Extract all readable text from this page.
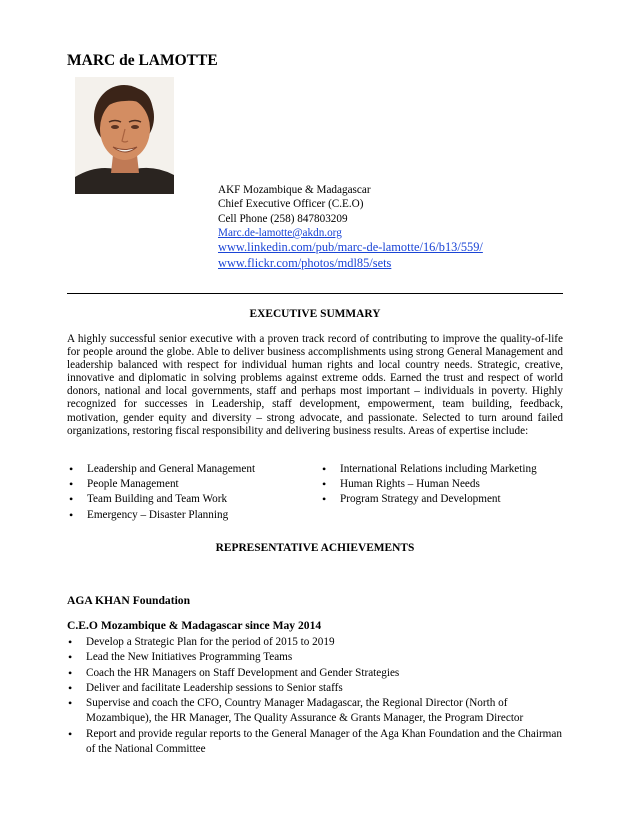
MARC de LAMOTTE
AKF Mozambique & Madagascar
Chief Executive Officer (C.E.O)
Cell Phone (258) 847803209
Marc.de-lamotte@akdn.org
www.linkedin.com/pub/marc-de-lamotte/16/b13/559/
www.flickr.com/photos/mdl85/sets
EXECUTIVE SUMMARY

A highly successful senior executive with a proven track record of contributing to improve the quality-of-life for people around the globe. Able to deliver business accomplishments using strong General Management and leadership balanced with respect for individual human rights and local country needs. Strategic, creative, innovative and diplomatic in solving problems against extreme odds. Earned the trust and respect of world donors, national and local governments, staff and perhaps most important – individuals in poverty. Highly recognized for successes in Leadership, staff development, empowerment, team building, feedback, motivation, gender equity and diversity – strong advocate, and passionate. Selected to turn around failed organizations, restoring fiscal responsibility and delivering business results. Areas of expertise include:

• Leadership and General Management
• People Management
• Team Building and Team Work
• Emergency – Disaster Planning
• International Relations including Marketing
• Human Rights – Human Needs
• Program Strategy and Development
REPRESENTATIVE ACHIEVEMENTS
AGA KHAN Foundation
C.E.O Mozambique & Madagascar since May 2014
• Develop a Strategic Plan for the period of 2015 to 2019
• Lead the New Initiatives Programming Teams
• Coach the HR Managers on Staff Development and Gender Strategies
• Deliver and facilitate Leadership sessions to Senior staffs
• Supervise and coach the CFO, Country Manager Madagascar, the Regional Director (North of Mozambique), the HR Manager, The Quality Assurance & Grants Manager, the Program Director
• Report and provide regular reports to the General Manager of the Aga Khan Foundation and the Chairman of the National Committee
